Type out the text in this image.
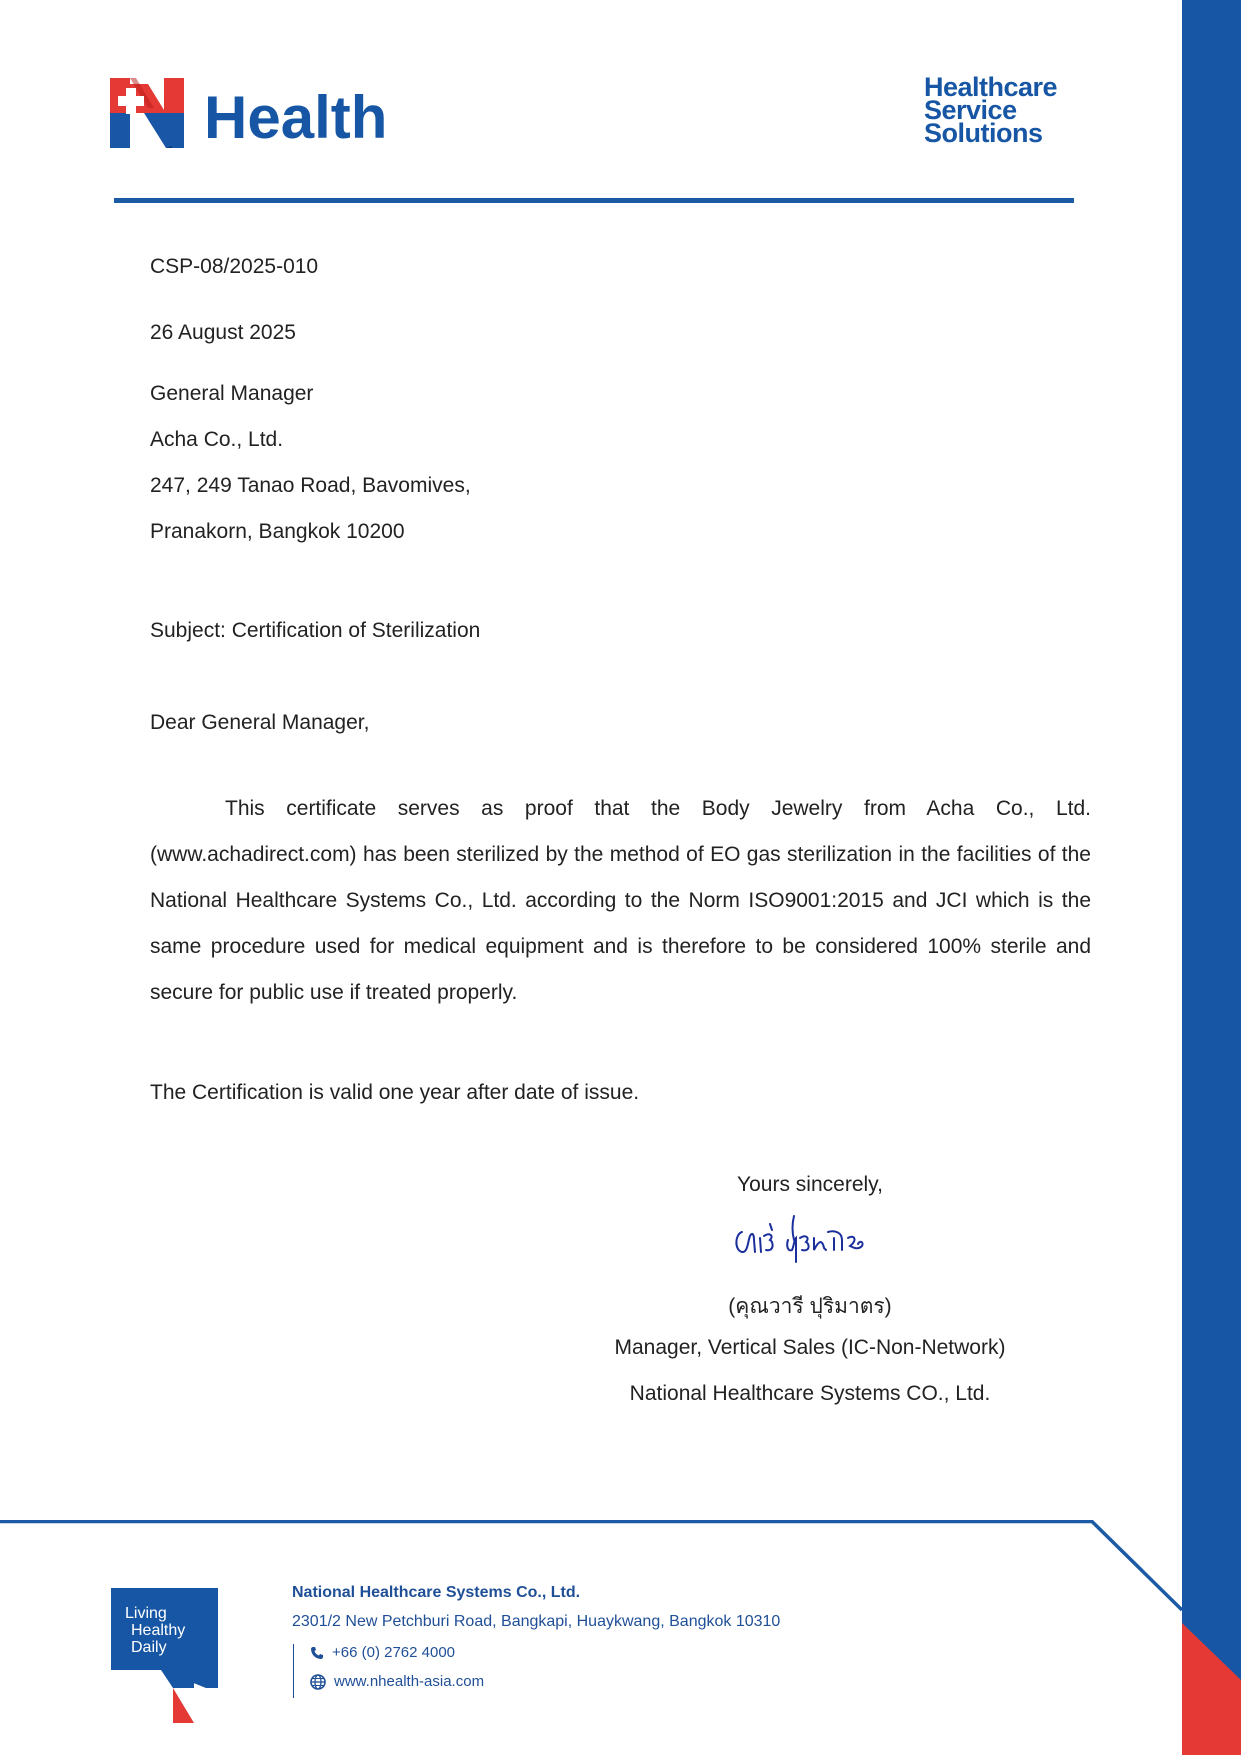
Health	Healthcare
Service
Solutions
CSP-08/2025-010
26 August 2025
General Manager
Acha Co., Ltd.
247, 249 Tanao Road, Bavomives,
Pranakorn, Bangkok 10200
Subject: Certification of Sterilization
Dear General Manager,
This certificate serves as proof that the Body Jewelry from Acha Co., Ltd. (www.achadirect.com) has been sterilized by the method of EO gas sterilization in the facilities of the National Healthcare Systems Co., Ltd. according to the Norm ISO9001:2015 and JCI which is the same procedure used for medical equipment and is therefore to be considered 100% sterile and secure for public use if treated properly.
The Certification is valid one year after date of issue.
Yours sincerely,
(คุณวารี ปุริมาตร)
Manager, Vertical Sales (IC-Non-Network)
National Healthcare Systems CO., Ltd.
Living
Healthy
Daily
National Healthcare Systems Co., Ltd.
2301/2 New Petchburi Road, Bangkapi, Huaykwang, Bangkok 10310
+66 (0) 2762 4000
www.nhealth-asia.com
